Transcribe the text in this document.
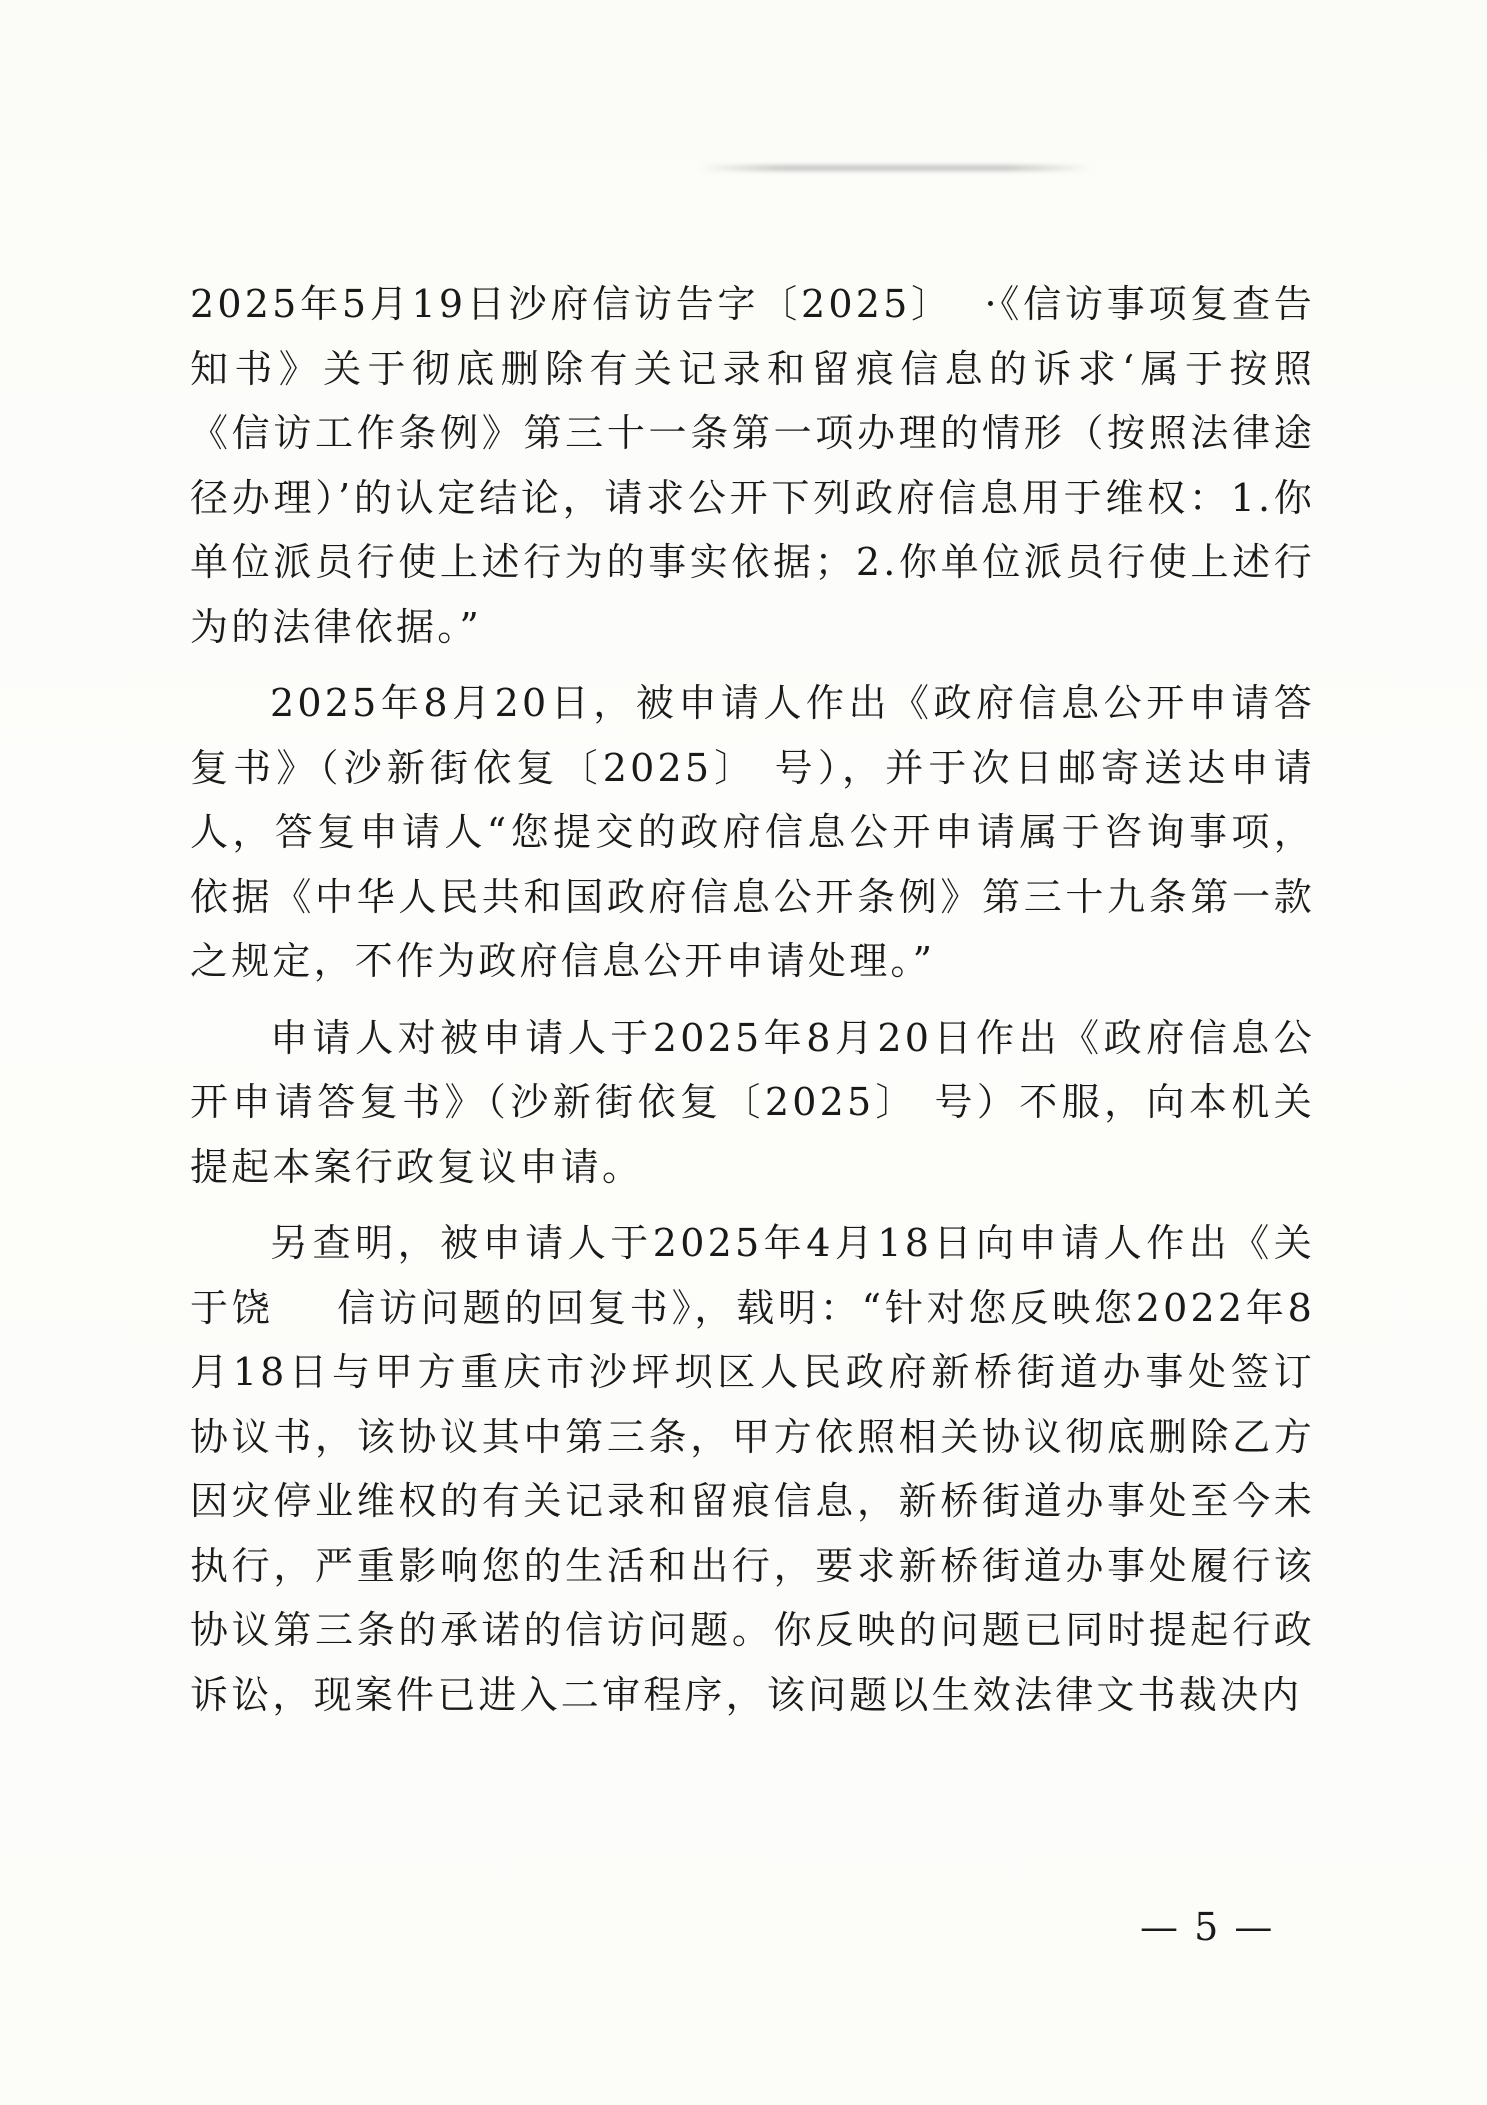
2025年5月19日沙府信访告字〔2025〕  ·《信访事项复查告知书》关于彻底删除有关记录和留痕信息的诉求‘属于按照《信访工作条例》第三十一条第一项办理的情形（按照法律途径办理）’的认定结论，请求公开下列政府信息用于维权：1.你单位派员行使上述行为的事实依据；2.你单位派员行使上述行为的法律依据。”

2025年8月20日，被申请人作出《政府信息公开申请答复书》（沙新街依复〔2025〕 号），并于次日邮寄送达申请人，答复申请人“您提交的政府信息公开申请属于咨询事项，依据《中华人民共和国政府信息公开条例》第三十九条第一款之规定，不作为政府信息公开申请处理。”

申请人对被申请人于2025年8月20日作出《政府信息公开申请答复书》（沙新街依复〔2025〕 号）不服，向本机关提起本案行政复议申请。

另查明，被申请人于2025年4月18日向申请人作出《关于饶    信访问题的回复书》，载明：“针对您反映您2022年8月18日与甲方重庆市沙坪坝区人民政府新桥街道办事处签订协议书，该协议其中第三条，甲方依照相关协议彻底删除乙方因灾停业维权的有关记录和留痕信息，新桥街道办事处至今未执行，严重影响您的生活和出行，要求新桥街道办事处履行该协议第三条的承诺的信访问题。你反映的问题已同时提起行政诉讼，现案件已进入二审程序，该问题以生效法律文书裁决内

— 5 —
